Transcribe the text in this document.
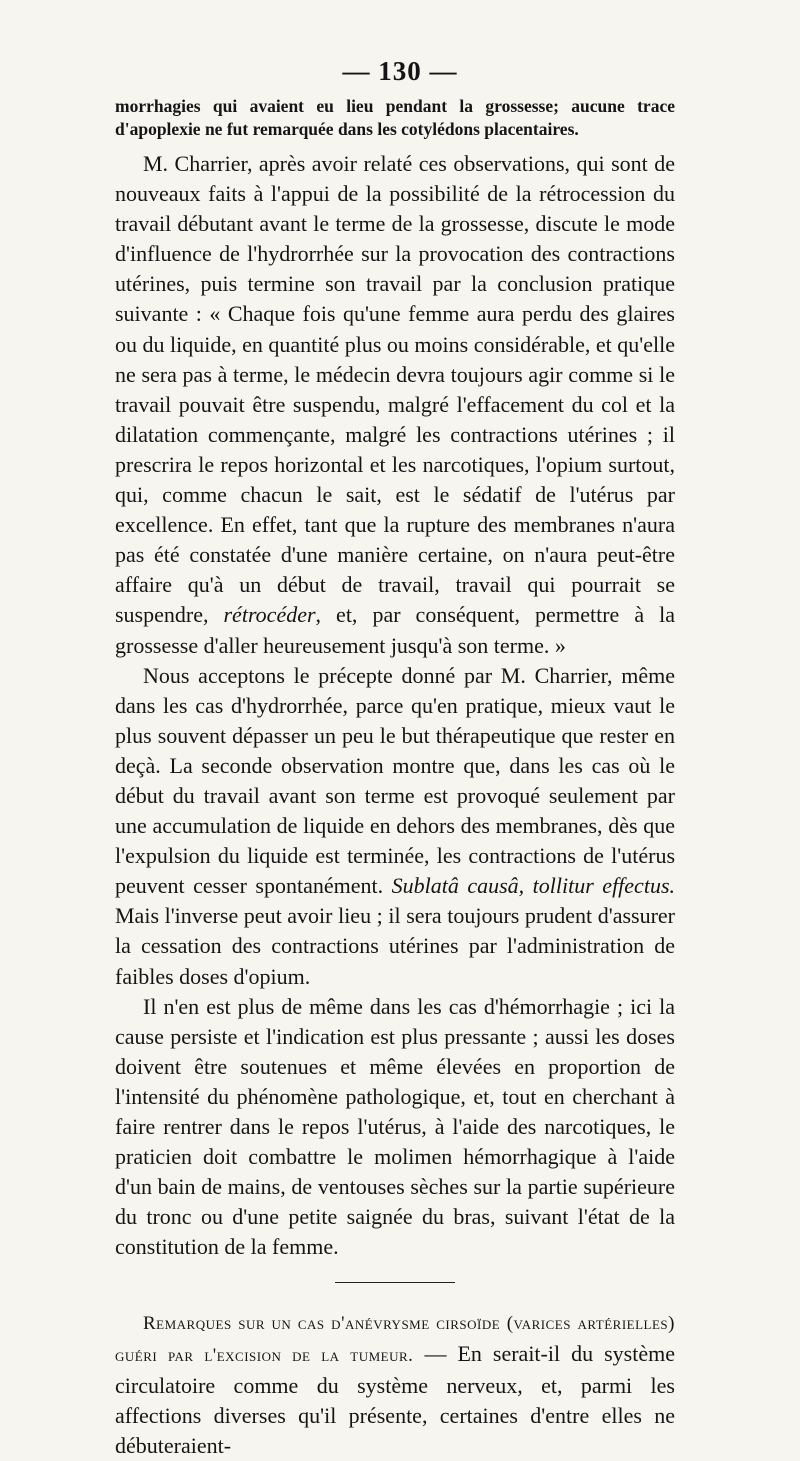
— 130 —

morrhagies qui avaient eu lieu pendant la grossesse; aucune trace d'apoplexie ne fut remarquée dans les cotylédons placentaires.

M. Charrier, après avoir relaté ces observations, qui sont de nouveaux faits à l'appui de la possibilité de la rétrocession du travail débutant avant le terme de la grossesse, discute le mode d'influence de l'hydrorrhée sur la provocation des contractions utérines, puis termine son travail par la conclusion pratique suivante : « Chaque fois qu'une femme aura perdu des glaires ou du liquide, en quantité plus ou moins considérable, et qu'elle ne sera pas à terme, le médecin devra toujours agir comme si le travail pouvait être suspendu, malgré l'effacement du col et la dilatation commençante, malgré les contractions utérines ; il prescrira le repos horizontal et les narcotiques, l'opium surtout, qui, comme chacun le sait, est le sédatif de l'utérus par excellence. En effet, tant que la rupture des membranes n'aura pas été constatée d'une manière certaine, on n'aura peut-être affaire qu'à un début de travail, travail qui pourrait se suspendre, rétrocéder, et, par conséquent, permettre à la grossesse d'aller heureusement jusqu'à son terme. »

Nous acceptons le précepte donné par M. Charrier, même dans les cas d'hydrorrhée, parce qu'en pratique, mieux vaut le plus souvent dépasser un peu le but thérapeutique que rester en deçà. La seconde observation montre que, dans les cas où le début du travail avant son terme est provoqué seulement par une accumulation de liquide en dehors des membranes, dès que l'expulsion du liquide est terminée, les contractions de l'utérus peuvent cesser spontanément. Sublatâ causâ, tollitur effectus. Mais l'inverse peut avoir lieu ; il sera toujours prudent d'assurer la cessation des contractions utérines par l'administration de faibles doses d'opium.

Il n'en est plus de même dans les cas d'hémorrhagie ; ici la cause persiste et l'indication est plus pressante ; aussi les doses doivent être soutenues et même élevées en proportion de l'intensité du phénomène pathologique, et, tout en cherchant à faire rentrer dans le repos l'utérus, à l'aide des narcotiques, le praticien doit combattre le molimen hémorrhagique à l'aide d'un bain de mains, de ventouses sèches sur la partie supérieure du tronc ou d'une petite saignée du bras, suivant l'état de la constitution de la femme.

Remarques sur un cas d'anévrysme cirsoïde (varices artérielles) guéri par l'excision de la tumeur. — En serait-il du système circulatoire comme du système nerveux, et, parmi les affections diverses qu'il présente, certaines d'entre elles ne débuteraient-
